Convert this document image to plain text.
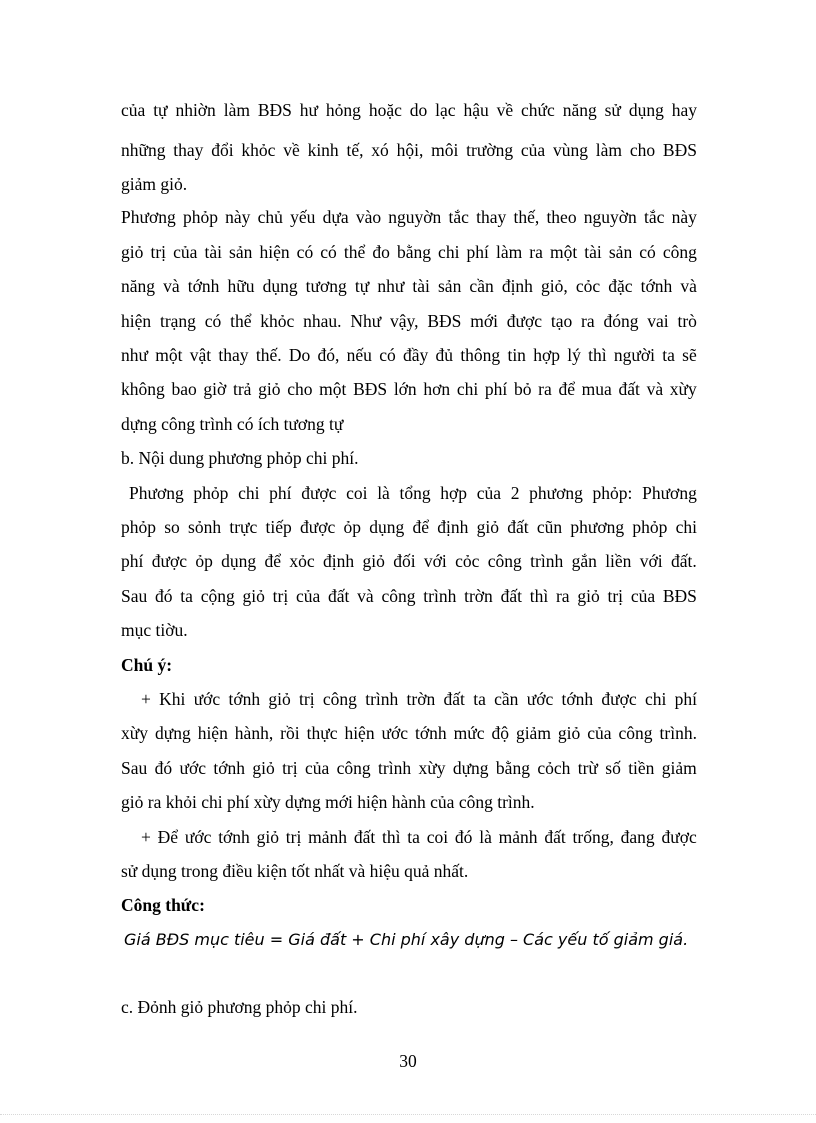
của tự nhiờn làm BĐS hư hỏng hoặc do lạc hậu về chức năng sử dụng hay
những thay đổi khỏc về kinh tế, xó hội, môi trường của vùng làm cho BĐS
giảm giỏ.
Phương phỏp này chủ yếu dựa vào nguyờn tắc thay thế, theo nguyờn tắc này
giỏ trị của tài sản hiện có có thể đo bằng chi phí làm ra một tài sản có công
năng và tớnh hữu dụng tương tự như tài sản cần định giỏ, cỏc đặc tớnh và
hiện trạng có thể khỏc nhau. Như vậy, BĐS mới được tạo ra đóng vai trò
như một vật thay thế. Do đó, nếu có đầy đủ thông tin hợp lý thì người ta sẽ
không bao giờ trả giỏ cho một BĐS lớn hơn chi phí bỏ ra để mua đất và xừy
dựng công trình có ích tương tự
b. Nội dung phương phỏp chi phí.
Phương phỏp chi phí được coi là tổng hợp của 2 phương phỏp: Phương
phỏp so sỏnh trực tiếp được ỏp dụng để định giỏ đất cũn phương phỏp chi
phí được ỏp dụng để xỏc định giỏ đối với cỏc công trình gắn liền với đất.
Sau đó ta cộng giỏ trị của đất và công trình trờn đất thì ra giỏ trị của BĐS
mục tiờu.
Chú ý:
+ Khi ước tớnh giỏ trị công trình trờn đất ta cần ước tớnh được chi phí
xừy dựng hiện hành, rồi thực hiện ước tớnh mức độ giảm giỏ của công trình.
Sau đó ước tớnh giỏ trị của công trình xừy dựng bằng cỏch trừ số tiền giảm
giỏ ra khỏi chi phí xừy dựng mới hiện hành của công trình.
+ Để ước tớnh giỏ trị mảnh đất thì ta coi đó là mảnh đất trống, đang được
sử dụng trong điều kiện tốt nhất và hiệu quả nhất.
Công thức:
Giá BĐS mục tiêu = Giá đất + Chi phí xây dựng – Các yếu tố giảm giá.
c. Đỏnh giỏ phương phỏp chi phí.
30
